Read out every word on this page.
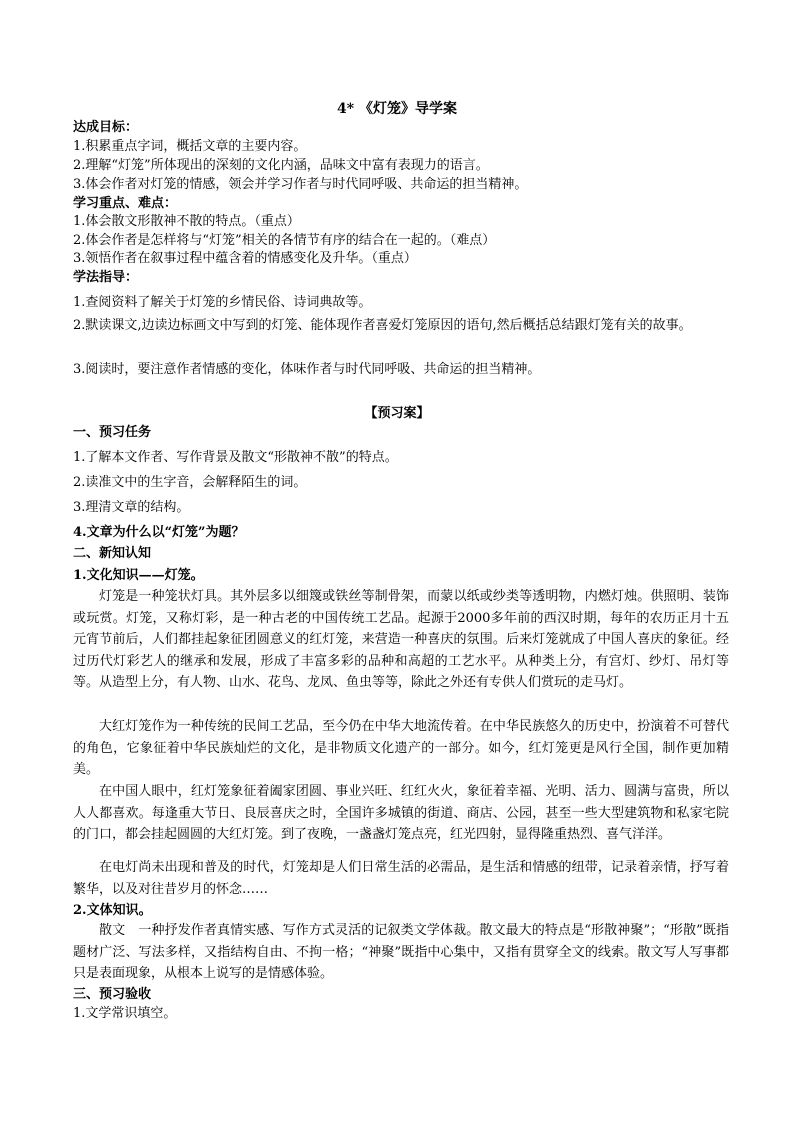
4* 《灯笼》导学案
达成目标：
1.积累重点字词，概括文章的主要内容。
2.理解“灯笼”所体现出的深刻的文化内涵，品味文中富有表现力的语言。
3.体会作者对灯笼的情感，领会并学习作者与时代同呼吸、共命运的担当精神。
学习重点、难点：
1.体会散文形散神不散的特点。（重点）
2.体会作者是怎样将与“灯笼”相关的各情节有序的结合在一起的。（难点）
3.领悟作者在叙事过程中蕴含着的情感变化及升华。（重点）
学法指导：
1.查阅资料了解关于灯笼的乡情民俗、诗词典故等。
2.默读课文,边读边标画文中写到的灯笼、能体现作者喜爱灯笼原因的语句,然后概括总结跟灯笼有关的故事。
3.阅读时，要注意作者情感的变化，体味作者与时代同呼吸、共命运的担当精神。
【预习案】
一、预习任务
1.了解本文作者、写作背景及散文“形散神不散”的特点。
2.读准文中的生字音，会解释陌生的词。
3.理清文章的结构。
4.文章为什么以“灯笼”为题？
二、新知认知
1.文化知识——灯笼。
灯笼是一种笼状灯具。其外层多以细篾或铁丝等制骨架，而蒙以纸或纱类等透明物，内燃灯烛。供照明、装饰或玩赏。灯笼，又称灯彩，是一种古老的中国传统工艺品。起源于2000多年前的西汉时期，每年的农历正月十五元宵节前后，人们都挂起象征团圆意义的红灯笼，来营造一种喜庆的氛围。后来灯笼就成了中国人喜庆的象征。经过历代灯彩艺人的继承和发展，形成了丰富多彩的品种和高超的工艺水平。从种类上分，有宫灯、纱灯、吊灯等等。从造型上分，有人物、山水、花鸟、龙凤、鱼虫等等，除此之外还有专供人们赏玩的走马灯。
大红灯笼作为一种传统的民间工艺品，至今仍在中华大地流传着。在中华民族悠久的历史中，扮演着不可替代的角色，它象征着中华民族灿烂的文化，是非物质文化遗产的一部分。如今，红灯笼更是风行全国，制作更加精美。
在中国人眼中，红灯笼象征着阖家团圆、事业兴旺、红红火火，象征着幸福、光明、活力、圆满与富贵，所以人人都喜欢。每逢重大节日、良辰喜庆之时，全国许多城镇的街道、商店、公园，甚至一些大型建筑物和私家宅院的门口，都会挂起圆圆的大红灯笼。到了夜晚，一盏盏灯笼点亮，红光四射，显得隆重热烈、喜气洋洋。
在电灯尚未出现和普及的时代，灯笼却是人们日常生活的必需品，是生活和情感的纽带，记录着亲情，抒写着繁华，以及对往昔岁月的怀念……
2.文体知识。
散文　一种抒发作者真情实感、写作方式灵活的记叙类文学体裁。散文最大的特点是“形散神聚”；“形散”既指题材广泛、写法多样，又指结构自由、不拘一格；“神聚”既指中心集中，又指有贯穿全文的线索。散文写人写事都只是表面现象，从根本上说写的是情感体验。
三、预习验收
1.文学常识填空。
